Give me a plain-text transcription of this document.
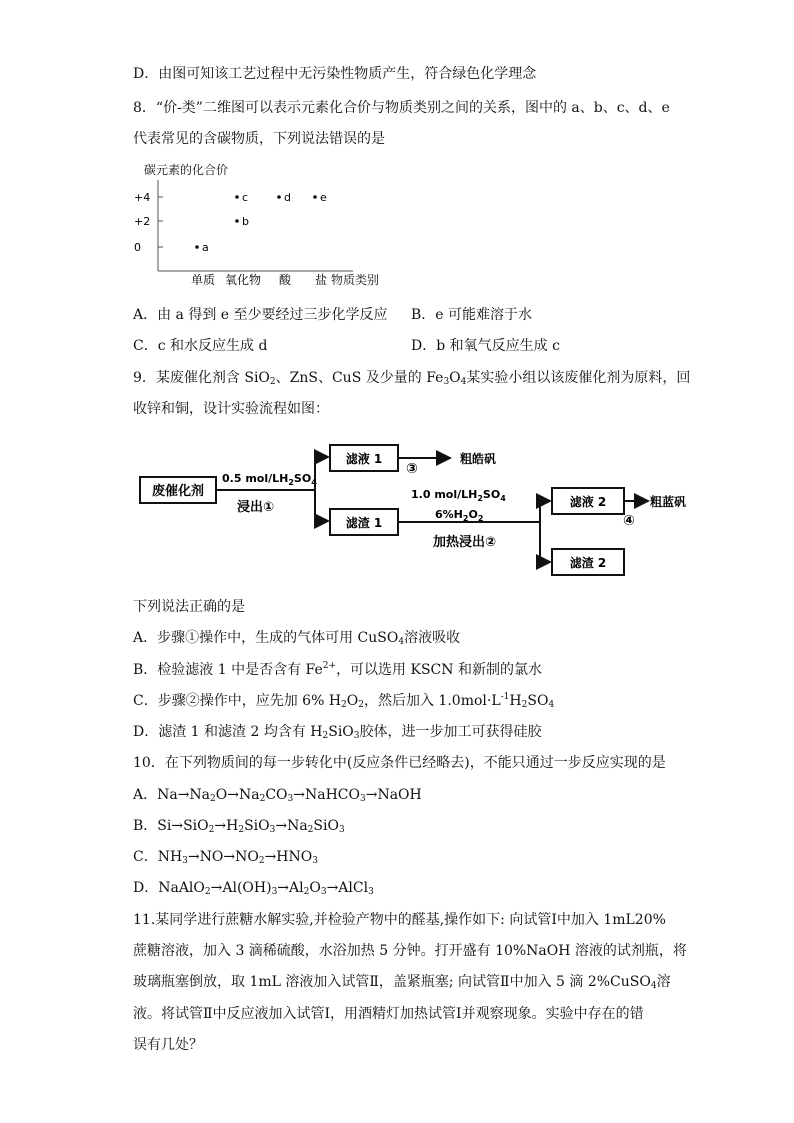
D．由图可知该工艺过程中无污染性物质产生，符合绿色化学理念
8．“价-类”二维图可以表示元素化合价与物质类别之间的关系，图中的 a、b、c、d、e
代表常见的含碳物质，下列说法错误的是
碳元素的化合价
+4
+2
0
单质 氧化物 酸 盐
a
b
c	d	e
物质类别
A．由 a 得到 e 至少要经过三步化学反应 B．e 可能难溶于水
C．c 和水反应生成 d	D．b 和氧气反应生成 c
9．某废催化剂含 SiO$_2$、ZnS、CuS 及少量的 $Fe_3O_4$某实验小组以该废催化剂为原料，回
收锌和铜，设计实验流程如图：
废催化剂
0.5 mol/$LH_2SO_4$
浸出①
滤液 1
③
粗皓矾
滤渣 1
1.0 mol/$LH_2SO_4$
$6\%H_2O_2$
加热浸出②
滤液 2
④
粗蓝矾
滤渣 2
下列说法正确的是
A．步骤①操作中，生成的气体可用 CuSO$_4$溶液吸收
B．检验滤液 1 中是否含有 $Fe^{2+}$，可以选用 KSCN 和新制的氯水
C．步骤②操作中，应先加 6% $H_2O_2$，然后加入 $1.0mol\cdot L^{-1}H_2SO_4$
D．滤渣 1 和滤渣 2 均含有 $H_2SiO_3$胶体，进一步加工可获得硅胶
10．在下列物质间的每一步转化中(反应条件已经略去)，不能只通过一步反应实现的是
A．$Na\to Na_2O\to Na_2CO_3\to NaHCO_3\to NaOH$
B．$Si\to SiO_2\to H_2SiO_3\to Na_2SiO_3$
C．$NH_3\to NO\to NO_2\to HNO_3$
D．$NaAlO_2\to Al(OH)_3\to Al_2O_3\to AlCl_3$
11.某同学进行蔗糖水解实验,并检验产物中的醛基,操作如下: 向试管Ⅰ中加入 1mL20%
蔗糖溶液，加入 3 滴稀硫酸，水浴加热 5 分钟。打开盛有 10%NaOH 溶液的试剂瓶，将
玻璃瓶塞倒放，取 1mL 溶液加入试管Ⅱ，盖紧瓶塞; 向试管Ⅱ中加入 5 滴 2%CuSO$_4$溶
液。将试管Ⅱ中反应液加入试管Ⅰ，用酒精灯加热试管Ⅰ并观察现象。实验中存在的错
误有几处？
